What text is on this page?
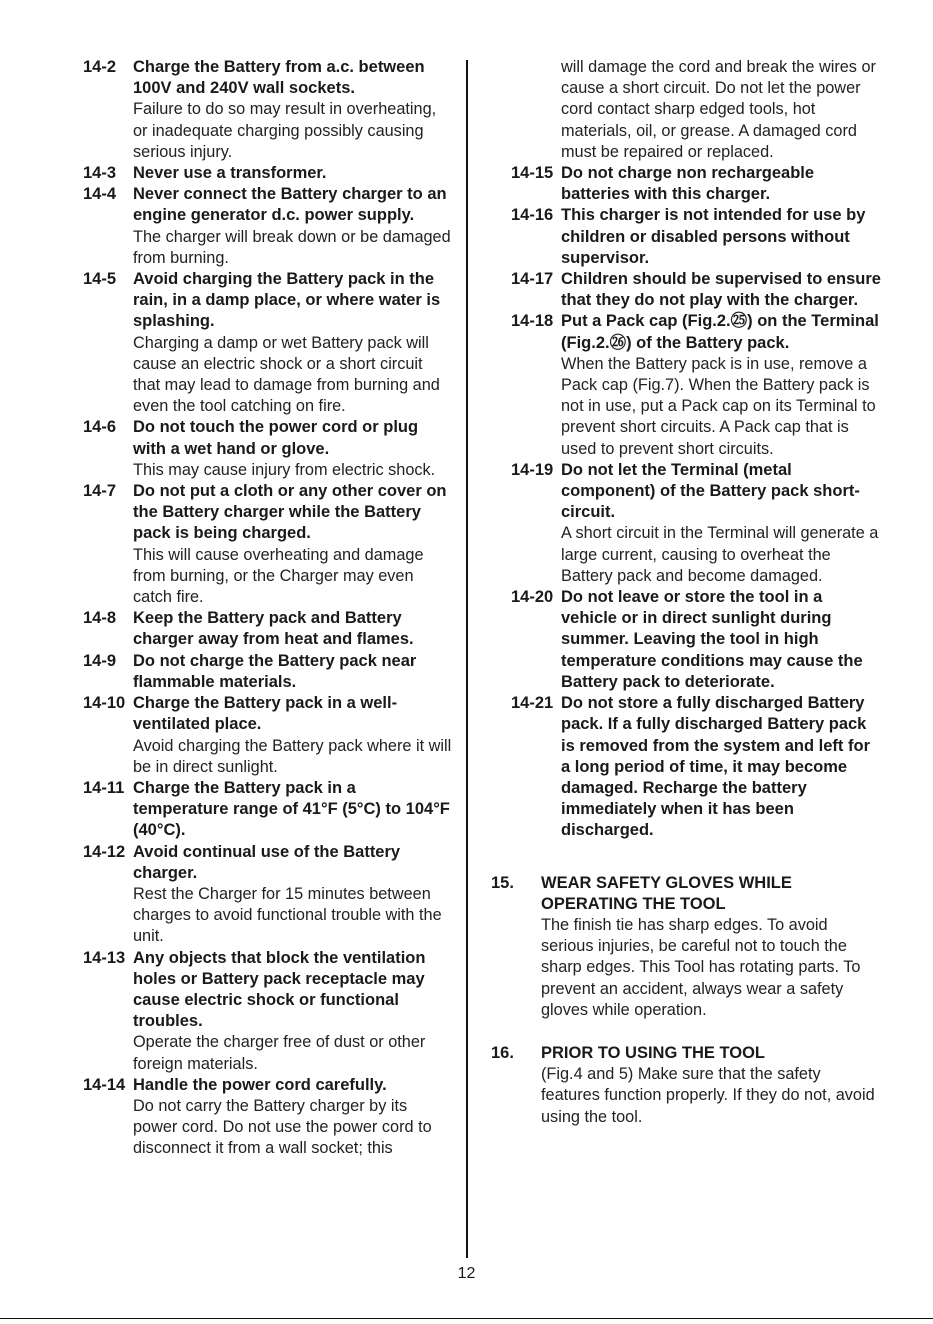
14-2	Charge the Battery from a.c. between 100V and 240V wall sockets.

Failure to do so may result in overheating, or inadequate charging possibly causing serious injury.

14-3	Never use a transformer.

14-4	Never connect the Battery charger to an engine generator d.c. power supply.

The charger will break down or be damaged from burning.

14-5	Avoid charging the Battery pack in the rain, in a damp place, or where water is splashing.

Charging a damp or wet Battery pack will cause an electric shock or a short circuit that may lead to damage from burning and even the tool catching on fire.

14-6	Do not touch the power cord or plug with a wet hand or glove.

This may cause injury from electric shock.

14-7	Do not put a cloth or any other cover on the Battery charger while the Battery pack is being charged.

This will cause overheating and damage from burning, or the Charger may even catch fire.

14-8	Keep the Battery pack and Battery charger away from heat and flames.

14-9	Do not charge the Battery pack near flammable materials.

14-10 Charge the Battery pack in a well-ventilated place.

Avoid charging the Battery pack where it will be in direct sunlight.

14-11 Charge the Battery pack in a temperature range of 41°F (5°C) to 104°F (40°C).

14-12 Avoid continual use of the Battery charger.

Rest the Charger for 15 minutes between charges to avoid functional trouble with the unit.

14-13 Any objects that block the ventilation holes or Battery pack receptacle may cause electric shock or functional troubles.

Operate the charger free of dust or other foreign materials.

14-14 Handle the power cord carefully.

Do not carry the Battery charger by its power cord. Do not use the power cord to disconnect it from a wall socket; this

will damage the cord and break the wires or cause a short circuit. Do not let the power cord contact sharp edged tools, hot materials, oil, or grease. A damaged cord must be repaired or replaced.

14-15 Do not charge non rechargeable batteries with this charger.

14-16 This charger is not intended for use by children or disabled persons without supervisor.

14-17 Children should be supervised to ensure that they do not play with the charger.

14-18 Put a Pack cap (Fig.2.㉕) on the Terminal (Fig.2.㉖) of the Battery pack.

When the Battery pack is in use, remove a Pack cap (Fig.7). When the Battery pack is not in use, put a Pack cap on its Terminal to prevent short circuits. A Pack cap that is used to prevent short circuits.

14-19 Do not let the Terminal (metal component) of the Battery pack short-circuit.

A short circuit in the Terminal will generate a large current, causing to overheat the Battery pack and become damaged.

14-20 Do not leave or store the tool in a vehicle or in direct sunlight during summer. Leaving the tool in high temperature conditions may cause the Battery pack to deteriorate.

14-21 Do not store a fully discharged Battery pack. If a fully discharged Battery pack is removed from the system and left for a long period of time, it may become damaged. Recharge the battery immediately when it has been discharged.

15.	WEAR SAFETY GLOVES WHILE OPERATING THE TOOL

The finish tie has sharp edges. To avoid serious injuries, be careful not to touch the sharp edges. This Tool has rotating parts. To prevent an accident, always wear a safety gloves while operation.

16.	PRIOR TO USING THE TOOL

(Fig.4 and 5) Make sure that the safety features function properly. If they do not, avoid using the tool.

12
